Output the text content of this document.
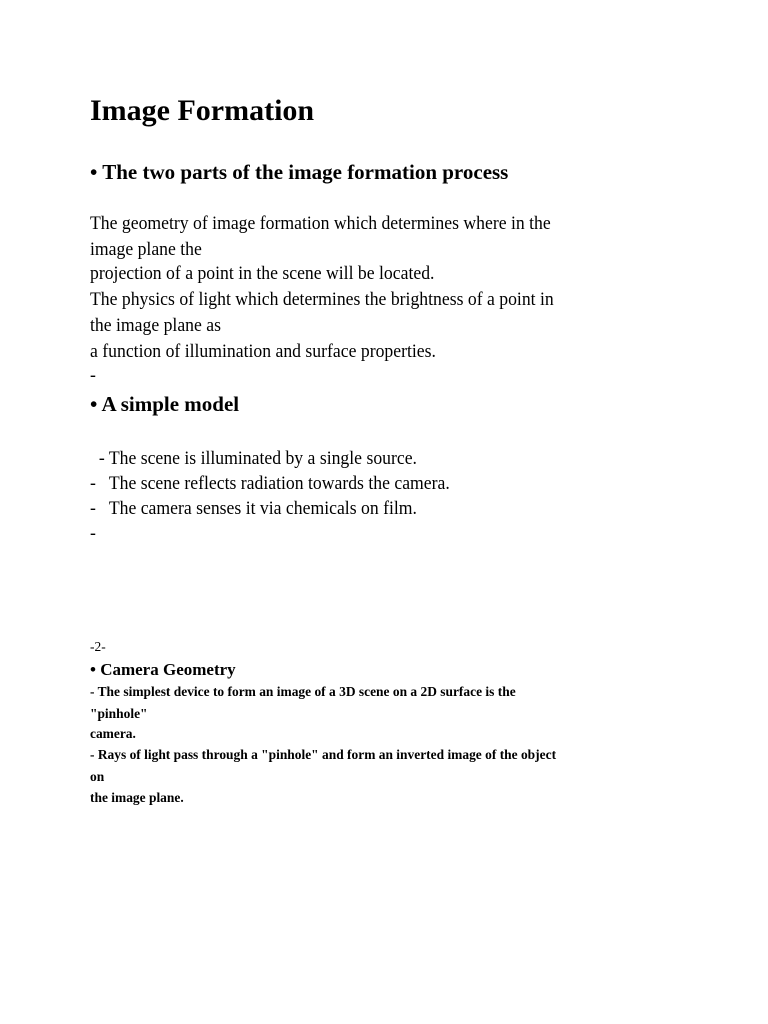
Image Formation
• The two parts of the image formation process

The geometry of image formation which determines where in the

image plane the

projection of a point in the scene will be located.

The physics of light which determines the brightness of a point in

the image plane as

a function of illumination and surface properties.

-

• A simple model

- The scene is illuminated by a single source.

-   The scene reflects radiation towards the camera.

-   The camera senses it via chemicals on film.

-

-2-

• Camera Geometry

- The simplest device to form an image of a 3D scene on a 2D surface is the

"pinhole"

camera.

- Rays of light pass through a "pinhole" and form an inverted image of the object

on

the image plane.
